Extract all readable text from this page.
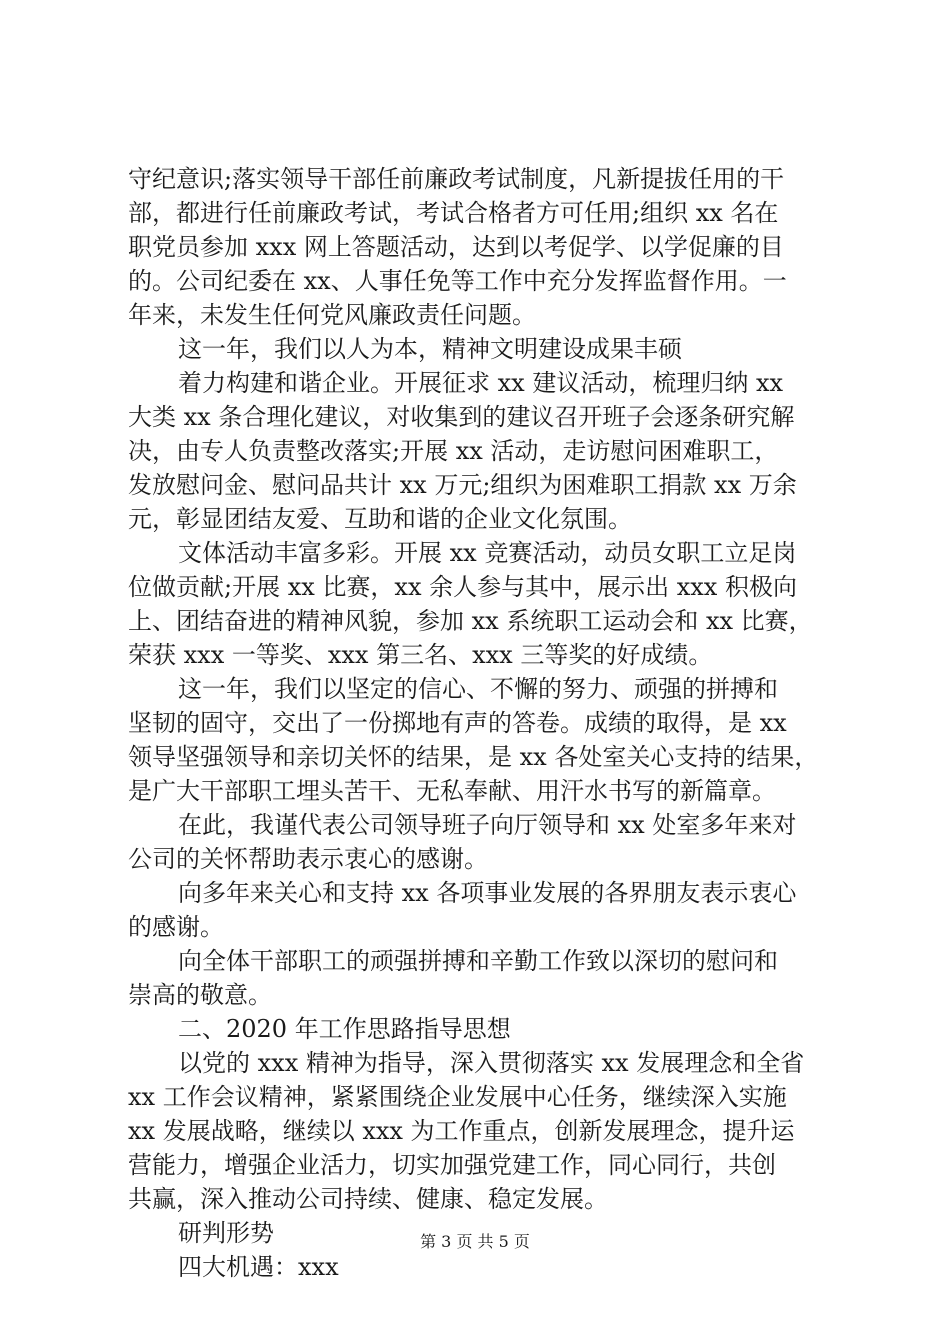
守纪意识;落实领导干部任前廉政考试制度，凡新提拔任用的干
部，都进行任前廉政考试，考试合格者方可任用;组织 xx 名在
职党员参加 xxx 网上答题活动，达到以考促学、以学促廉的目
的。公司纪委在 xx、人事任免等工作中充分发挥监督作用。一
年来，未发生任何党风廉政责任问题。
这一年，我们以人为本，精神文明建设成果丰硕
着力构建和谐企业。开展征求 xx 建议活动，梳理归纳 xx
大类 xx 条合理化建议，对收集到的建议召开班子会逐条研究解
决，由专人负责整改落实;开展 xx 活动，走访慰问困难职工，
发放慰问金、慰问品共计 xx 万元;组织为困难职工捐款 xx 万余
元，彰显团结友爱、互助和谐的企业文化氛围。
文体活动丰富多彩。开展 xx 竞赛活动，动员女职工立足岗
位做贡献;开展 xx 比赛，xx 余人参与其中，展示出 xxx 积极向
上、团结奋进的精神风貌，参加 xx 系统职工运动会和 xx 比赛，
荣获 xxx 一等奖、xxx 第三名、xxx 三等奖的好成绩。
这一年，我们以坚定的信心、不懈的努力、顽强的拼搏和
坚韧的固守，交出了一份掷地有声的答卷。成绩的取得，是 xx
领导坚强领导和亲切关怀的结果，是 xx 各处室关心支持的结果，
是广大干部职工埋头苦干、无私奉献、用汗水书写的新篇章。
在此，我谨代表公司领导班子向厅领导和 xx 处室多年来对
公司的关怀帮助表示衷心的感谢。
向多年来关心和支持 xx 各项事业发展的各界朋友表示衷心
的感谢。
向全体干部职工的顽强拼搏和辛勤工作致以深切的慰问和
崇高的敬意。
二、2020 年工作思路指导思想
以党的 xxx 精神为指导，深入贯彻落实 xx 发展理念和全省
xx 工作会议精神，紧紧围绕企业发展中心任务，继续深入实施
xx 发展战略，继续以 xxx 为工作重点，创新发展理念，提升运
营能力，增强企业活力，切实加强党建工作，同心同行，共创
共赢，深入推动公司持续、健康、稳定发展。
研判形势
四大机遇：xxx
第 3 页 共 5 页
